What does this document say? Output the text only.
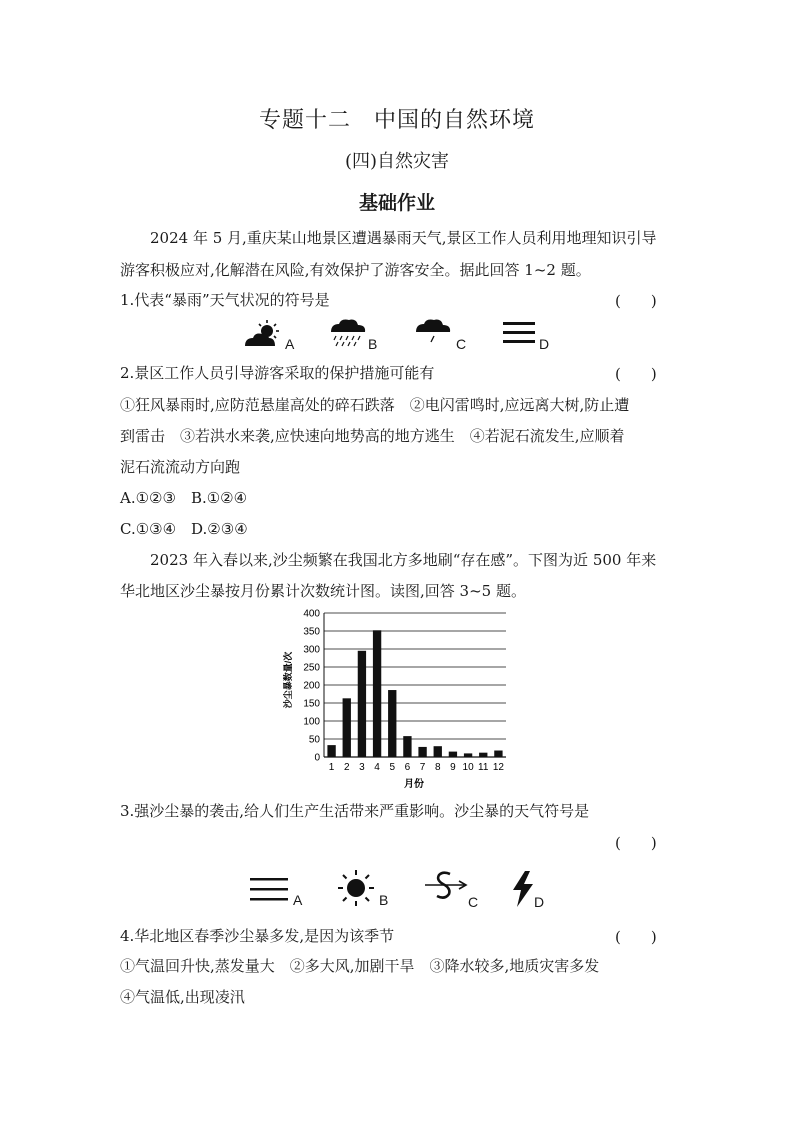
专题十二　中国的自然环境
(四)自然灾害
基础作业
2024 年 5 月,重庆某山地景区遭遇暴雨天气,景区工作人员利用地理知识引导
游客积极应对,化解潜在风险,有效保护了游客安全。据此回答 1~2 题。
1.代表“暴雨”天气状况的符号是	(　　)
A	B	C	D
2.景区工作人员引导游客采取的保护措施可能有	(　　)
①狂风暴雨时,应防范悬崖高处的碎石跌落　②电闪雷鸣时,应远离大树,防止遭
到雷击　③若洪水来袭,应快速向地势高的地方逃生　④若泥石流发生,应顺着
泥石流流动方向跑
A.①②③　B.①②④
C.①③④　D.②③④
2023 年入春以来,沙尘频繁在我国北方多地刷“存在感”。下图为近 500 年来
华北地区沙尘暴按月份累计次数统计图。读图,回答 3~5 题。
0
50
100
150
200
250
300
350
400
1 2 3 4 5 6 7 8 9 10 11 12
沙尘暴数量/次
月份
3.强沙尘暴的袭击,给人们生产生活带来严重影响。沙尘暴的天气符号是
(　　)
A	B	C	D
4.华北地区春季沙尘暴多发,是因为该季节	(　　)
①气温回升快,蒸发量大　②多大风,加剧干旱　③降水较多,地质灾害多发
④气温低,出现凌汛
